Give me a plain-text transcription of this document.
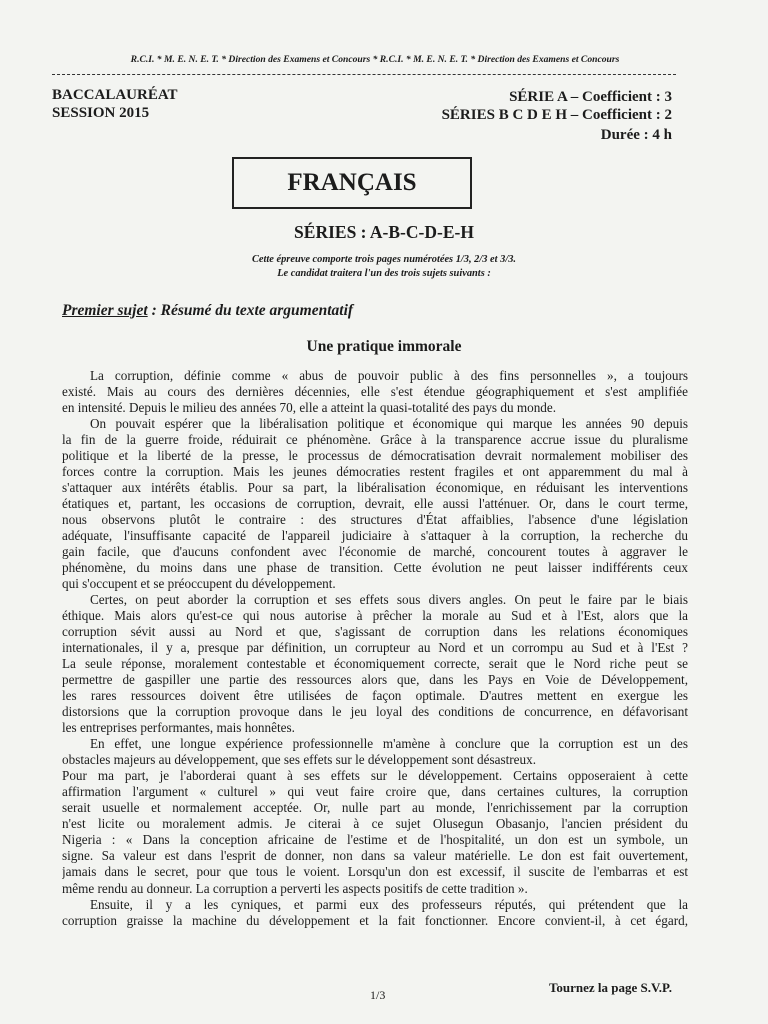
R.C.I. * M. E. N. E. T. * Direction des Examens et Concours * R.C.I. * M. E. N. E. T. * Direction des Examens et Concours
BACCALAURÉAT
SESSION 2015
SÉRIE A – Coefficient : 3
SÉRIES B C D E H – Coefficient : 2
Durée : 4 h
FRANÇAIS
SÉRIES : A-B-C-D-E-H
Cette épreuve comporte trois pages numérotées 1/3, 2/3 et 3/3.
Le candidat traitera l'un des trois sujets suivants :
Premier sujet : Résumé du texte argumentatif
Une pratique immorale
La corruption, définie comme « abus de pouvoir public à des fins personnelles », a toujours
existé. Mais au cours des dernières décennies, elle s'est étendue géographiquement et s'est amplifiée
en intensité. Depuis le milieu des années 70, elle a atteint la quasi-totalité des pays du monde.
On pouvait espérer que la libéralisation politique et économique qui marque les années 90 depuis
la fin de la guerre froide, réduirait ce phénomène. Grâce à la transparence accrue issue du pluralisme
politique et la liberté de la presse, le processus de démocratisation devrait normalement mobiliser des
forces contre la corruption. Mais les jeunes démocraties restent fragiles et ont apparemment du mal à
s'attaquer aux intérêts établis. Pour sa part, la libéralisation économique, en réduisant les interventions
étatiques et, partant, les occasions de corruption, devrait, elle aussi l'atténuer. Or, dans le court terme,
nous observons plutôt le contraire : des structures d'État affaiblies, l'absence d'une législation
adéquate, l'insuffisante capacité de l'appareil judiciaire à s'attaquer à la corruption, la recherche du
gain facile, que d'aucuns confondent avec l'économie de marché, concourent toutes à aggraver le
phénomène, du moins dans une phase de transition. Cette évolution ne peut laisser indifférents ceux
qui s'occupent et se préoccupent du développement.
Certes, on peut aborder la corruption et ses effets sous divers angles. On peut le faire par le biais
éthique. Mais alors qu'est-ce qui nous autorise à prêcher la morale au Sud et à l'Est, alors que la
corruption sévit aussi au Nord et que, s'agissant de corruption dans les relations économiques
internationales, il y a, presque par définition, un corrupteur au Nord et un corrompu au Sud et à l'Est ?
La seule réponse, moralement contestable et économiquement correcte, serait que le Nord riche peut se
permettre de gaspiller une partie des ressources alors que, dans les Pays en Voie de Développement,
les rares ressources doivent être utilisées de façon optimale. D'autres mettent en exergue les
distorsions que la corruption provoque dans le jeu loyal des conditions de concurrence, en défavorisant
les entreprises performantes, mais honnêtes.
En effet, une longue expérience professionnelle m'amène à conclure que la corruption est un des
obstacles majeurs au développement, que ses effets sur le développement sont désastreux.
Pour ma part, je l'aborderai quant à ses effets sur le développement. Certains opposeraient à cette
affirmation l'argument « culturel » qui veut faire croire que, dans certaines cultures, la corruption
serait usuelle et normalement acceptée. Or, nulle part au monde, l'enrichissement par la corruption
n'est licite ou moralement admis. Je citerai à ce sujet Olusegun Obasanjo, l'ancien président du
Nigeria : « Dans la conception africaine de l'estime et de l'hospitalité, un don est un symbole, un
signe. Sa valeur est dans l'esprit de donner, non dans sa valeur matérielle. Le don est fait ouvertement,
jamais dans le secret, pour que tous le voient. Lorsqu'un don est excessif, il suscite de l'embarras et est
même rendu au donneur. La corruption a perverti les aspects positifs de cette tradition ».
Ensuite, il y a les cyniques, et parmi eux des professeurs réputés, qui prétendent que la
corruption graisse la machine du développement et la fait fonctionner. Encore convient-il, à cet égard,
1/3	Tournez la page S.V.P.
